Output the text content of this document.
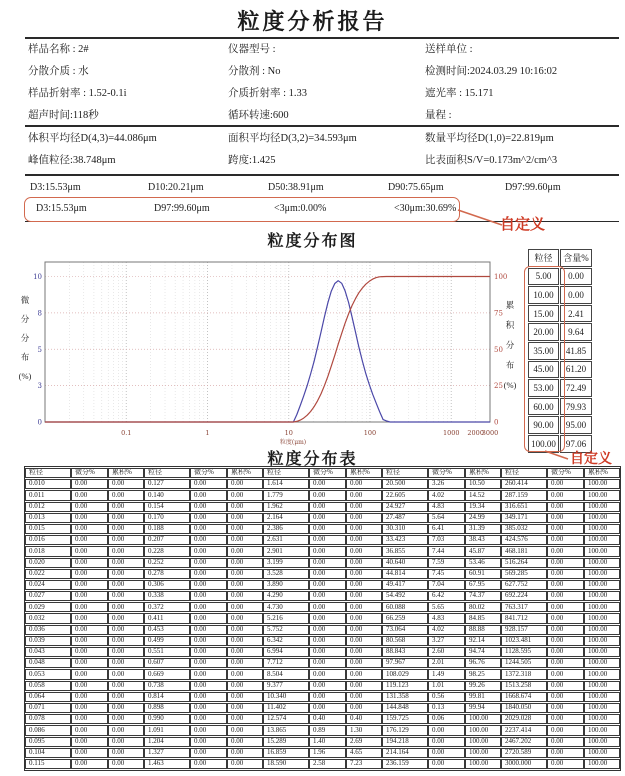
粒度分析报告
样品名称 : 2#	仪器型号 :	送样单位 :
分散介质 : 水	分散剂 : No	检测时间:2024.03.29 10:16:02
样品折射率 : 1.52-0.1i	介质折射率 : 1.33	遮光率 : 15.171
超声时间:118秒	循环转速:600	量程 :
体积平均径D(4,3)=44.086μm	面积平均径D(3,2)=34.593μm	数量平均径D(1,0)=22.819μm
峰值粒径:38.748μm	跨度:1.425	比表面积S/V=0.173m^2/cm^3
D3:15.53μm	D10:20.21μm	D50:38.91μm	D90:75.65μm	D97:99.60μm
D3:15.53μm	D97:99.60μm	<3μm:0.00%	<30μm:30.69%
自定义
粒度分布图
微
分
分
布
(%)
0
3
5
8
10
0
25
50
75
100
0.1	1	10	100	1000 2000
3000
粒度(μm)
累
积
分
布
(%)
粒径	含量%
5.00	0.00
10.00	0.00
15.00	2.41
20.00	9.64
35.00	41.85
45.00	61.20
53.00	72.49
60.00	79.93
90.00	95.00
100.00	97.06
自定义
粒度分布表
粒径	微分%	累积%	粒径	微分%	累积%	粒径	微分%	累积%	粒径	微分%	累积%	粒径	微分%	累积%
0.010	0.00	0.00	0.127	0.00	0.00	1.614	0.00	0.00	20.500	3.26	10.50	260.414	0.00	100.00
0.011	0.00	0.00	0.140	0.00	0.00	1.779	0.00	0.00	22.605	4.02	14.52	287.159	0.00	100.00
0.012	0.00	0.00	0.154	0.00	0.00	1.962	0.00	0.00	24.927	4.83	19.34	316.651	0.00	100.00
0.013	0.00	0.00	0.170	0.00	0.00	2.164	0.00	0.00	27.487	5.64	24.99	349.171	0.00	100.00
0.015	0.00	0.00	0.188	0.00	0.00	2.386	0.00	0.00	30.310	6.41	31.39	385.032	0.00	100.00
0.016	0.00	0.00	0.207	0.00	0.00	2.631	0.00	0.00	33.423	7.03	38.43	424.576	0.00	100.00
0.018	0.00	0.00	0.228	0.00	0.00	2.901	0.00	0.00	36.855	7.44	45.87	468.181	0.00	100.00
0.020	0.00	0.00	0.252	0.00	0.00	3.199	0.00	0.00	40.640	7.59	53.46	516.264	0.00	100.00
0.022	0.00	0.00	0.278	0.00	0.00	3.528	0.00	0.00	44.814	7.45	60.91	569.285	0.00	100.00
0.024	0.00	0.00	0.306	0.00	0.00	3.890	0.00	0.00	49.417	7.04	67.95	627.752	0.00	100.00
0.027	0.00	0.00	0.338	0.00	0.00	4.290	0.00	0.00	54.492	6.42	74.37	692.224	0.00	100.00
0.029	0.00	0.00	0.372	0.00	0.00	4.730	0.00	0.00	60.088	5.65	80.02	763.317	0.00	100.00
0.032	0.00	0.00	0.411	0.00	0.00	5.216	0.00	0.00	66.259	4.83	84.85	841.712	0.00	100.00
0.036	0.00	0.00	0.453	0.00	0.00	5.752	0.00	0.00	73.064	4.02	88.88	928.157	0.00	100.00
0.039	0.00	0.00	0.499	0.00	0.00	6.342	0.00	0.00	80.568	3.27	92.14	1023.481	0.00	100.00
0.043	0.00	0.00	0.551	0.00	0.00	6.994	0.00	0.00	88.843	2.60	94.74	1128.595	0.00	100.00
0.048	0.00	0.00	0.607	0.00	0.00	7.712	0.00	0.00	97.967	2.01	96.76	1244.505	0.00	100.00
0.053	0.00	0.00	0.669	0.00	0.00	8.504	0.00	0.00	108.029	1.49	98.25	1372.318	0.00	100.00
0.058	0.00	0.00	0.738	0.00	0.00	9.377	0.00	0.00	119.123	1.01	99.26	1513.258	0.00	100.00
0.064	0.00	0.00	0.814	0.00	0.00	10.340	0.00	0.00	131.358	0.56	99.81	1668.674	0.00	100.00
0.071	0.00	0.00	0.898	0.00	0.00	11.402	0.00	0.00	144.848	0.13	99.94	1840.050	0.00	100.00
0.078	0.00	0.00	0.990	0.00	0.00	12.574	0.40	0.40	159.725	0.06	100.00	2029.028	0.00	100.00
0.086	0.00	0.00	1.091	0.00	0.00	13.865	0.89	1.30	176.129	0.00	100.00	2237.414	0.00	100.00
0.095	0.00	0.00	1.204	0.00	0.00	15.289	1.40	2.69	194.218	0.00	100.00	2467.202	0.00	100.00
0.104	0.00	0.00	1.327	0.00	0.00	16.859	1.96	4.65	214.164	0.00	100.00	2720.589	0.00	100.00
0.115	0.00	0.00	1.463	0.00	0.00	18.590	2.58	7.23	236.159	0.00	100.00	3000.000	0.00	100.00
